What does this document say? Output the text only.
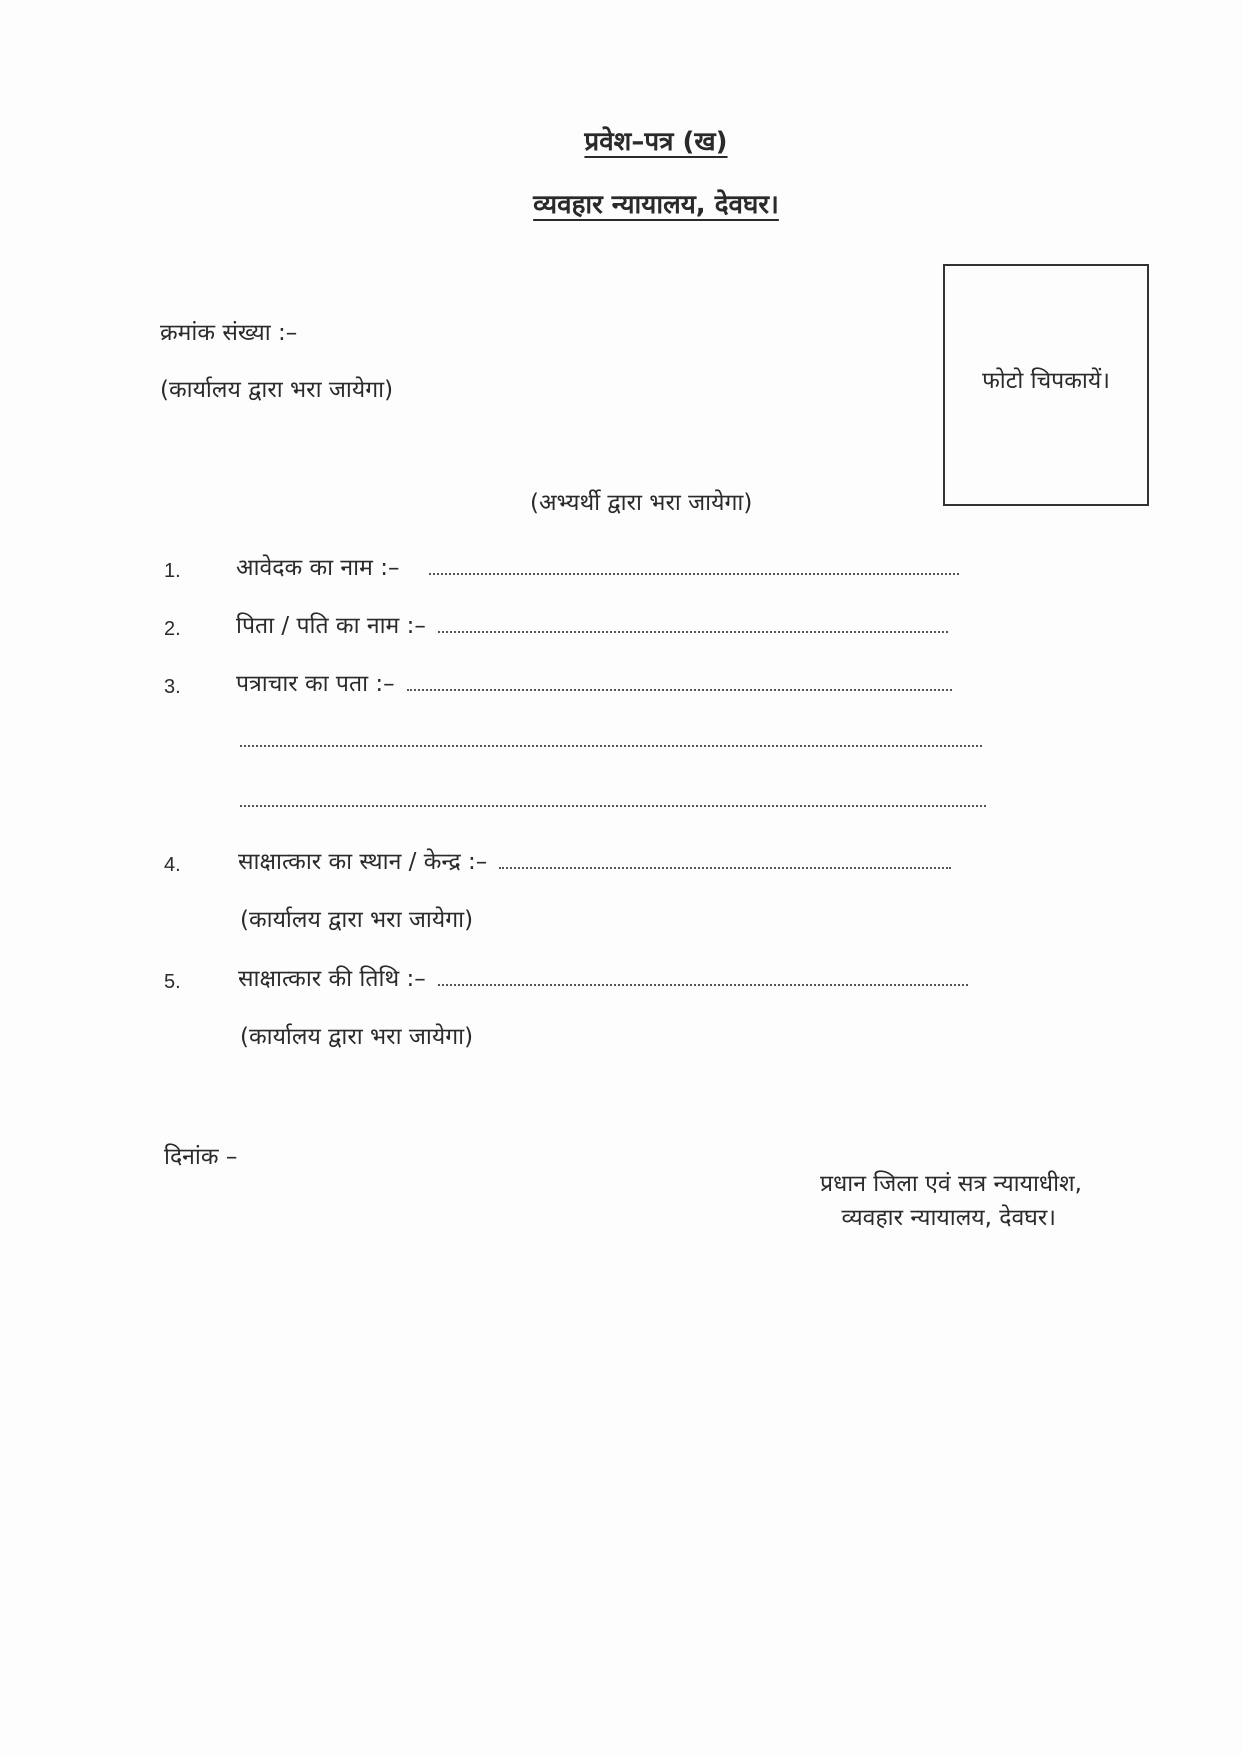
प्रवेश–पत्र (ख)
व्यवहार न्यायालय, देवघर।
क्रमांक संख्या :–
(कार्यालय द्वारा भरा जायेगा)	फोटो चिपकायें।
(अभ्यर्थी द्वारा भरा जायेगा)
1. आवेदक का नाम :–
2. पिता / पति का नाम :–
3. पत्राचार का पता :–
4. साक्षात्कार का स्थान / केन्द्र :–
(कार्यालय द्वारा भरा जायेगा)
5. साक्षात्कार की तिथि :–
(कार्यालय द्वारा भरा जायेगा)
दिनांक –
प्रधान जिला एवं सत्र न्यायाधीश,
व्यवहार न्यायालय, देवघर।
